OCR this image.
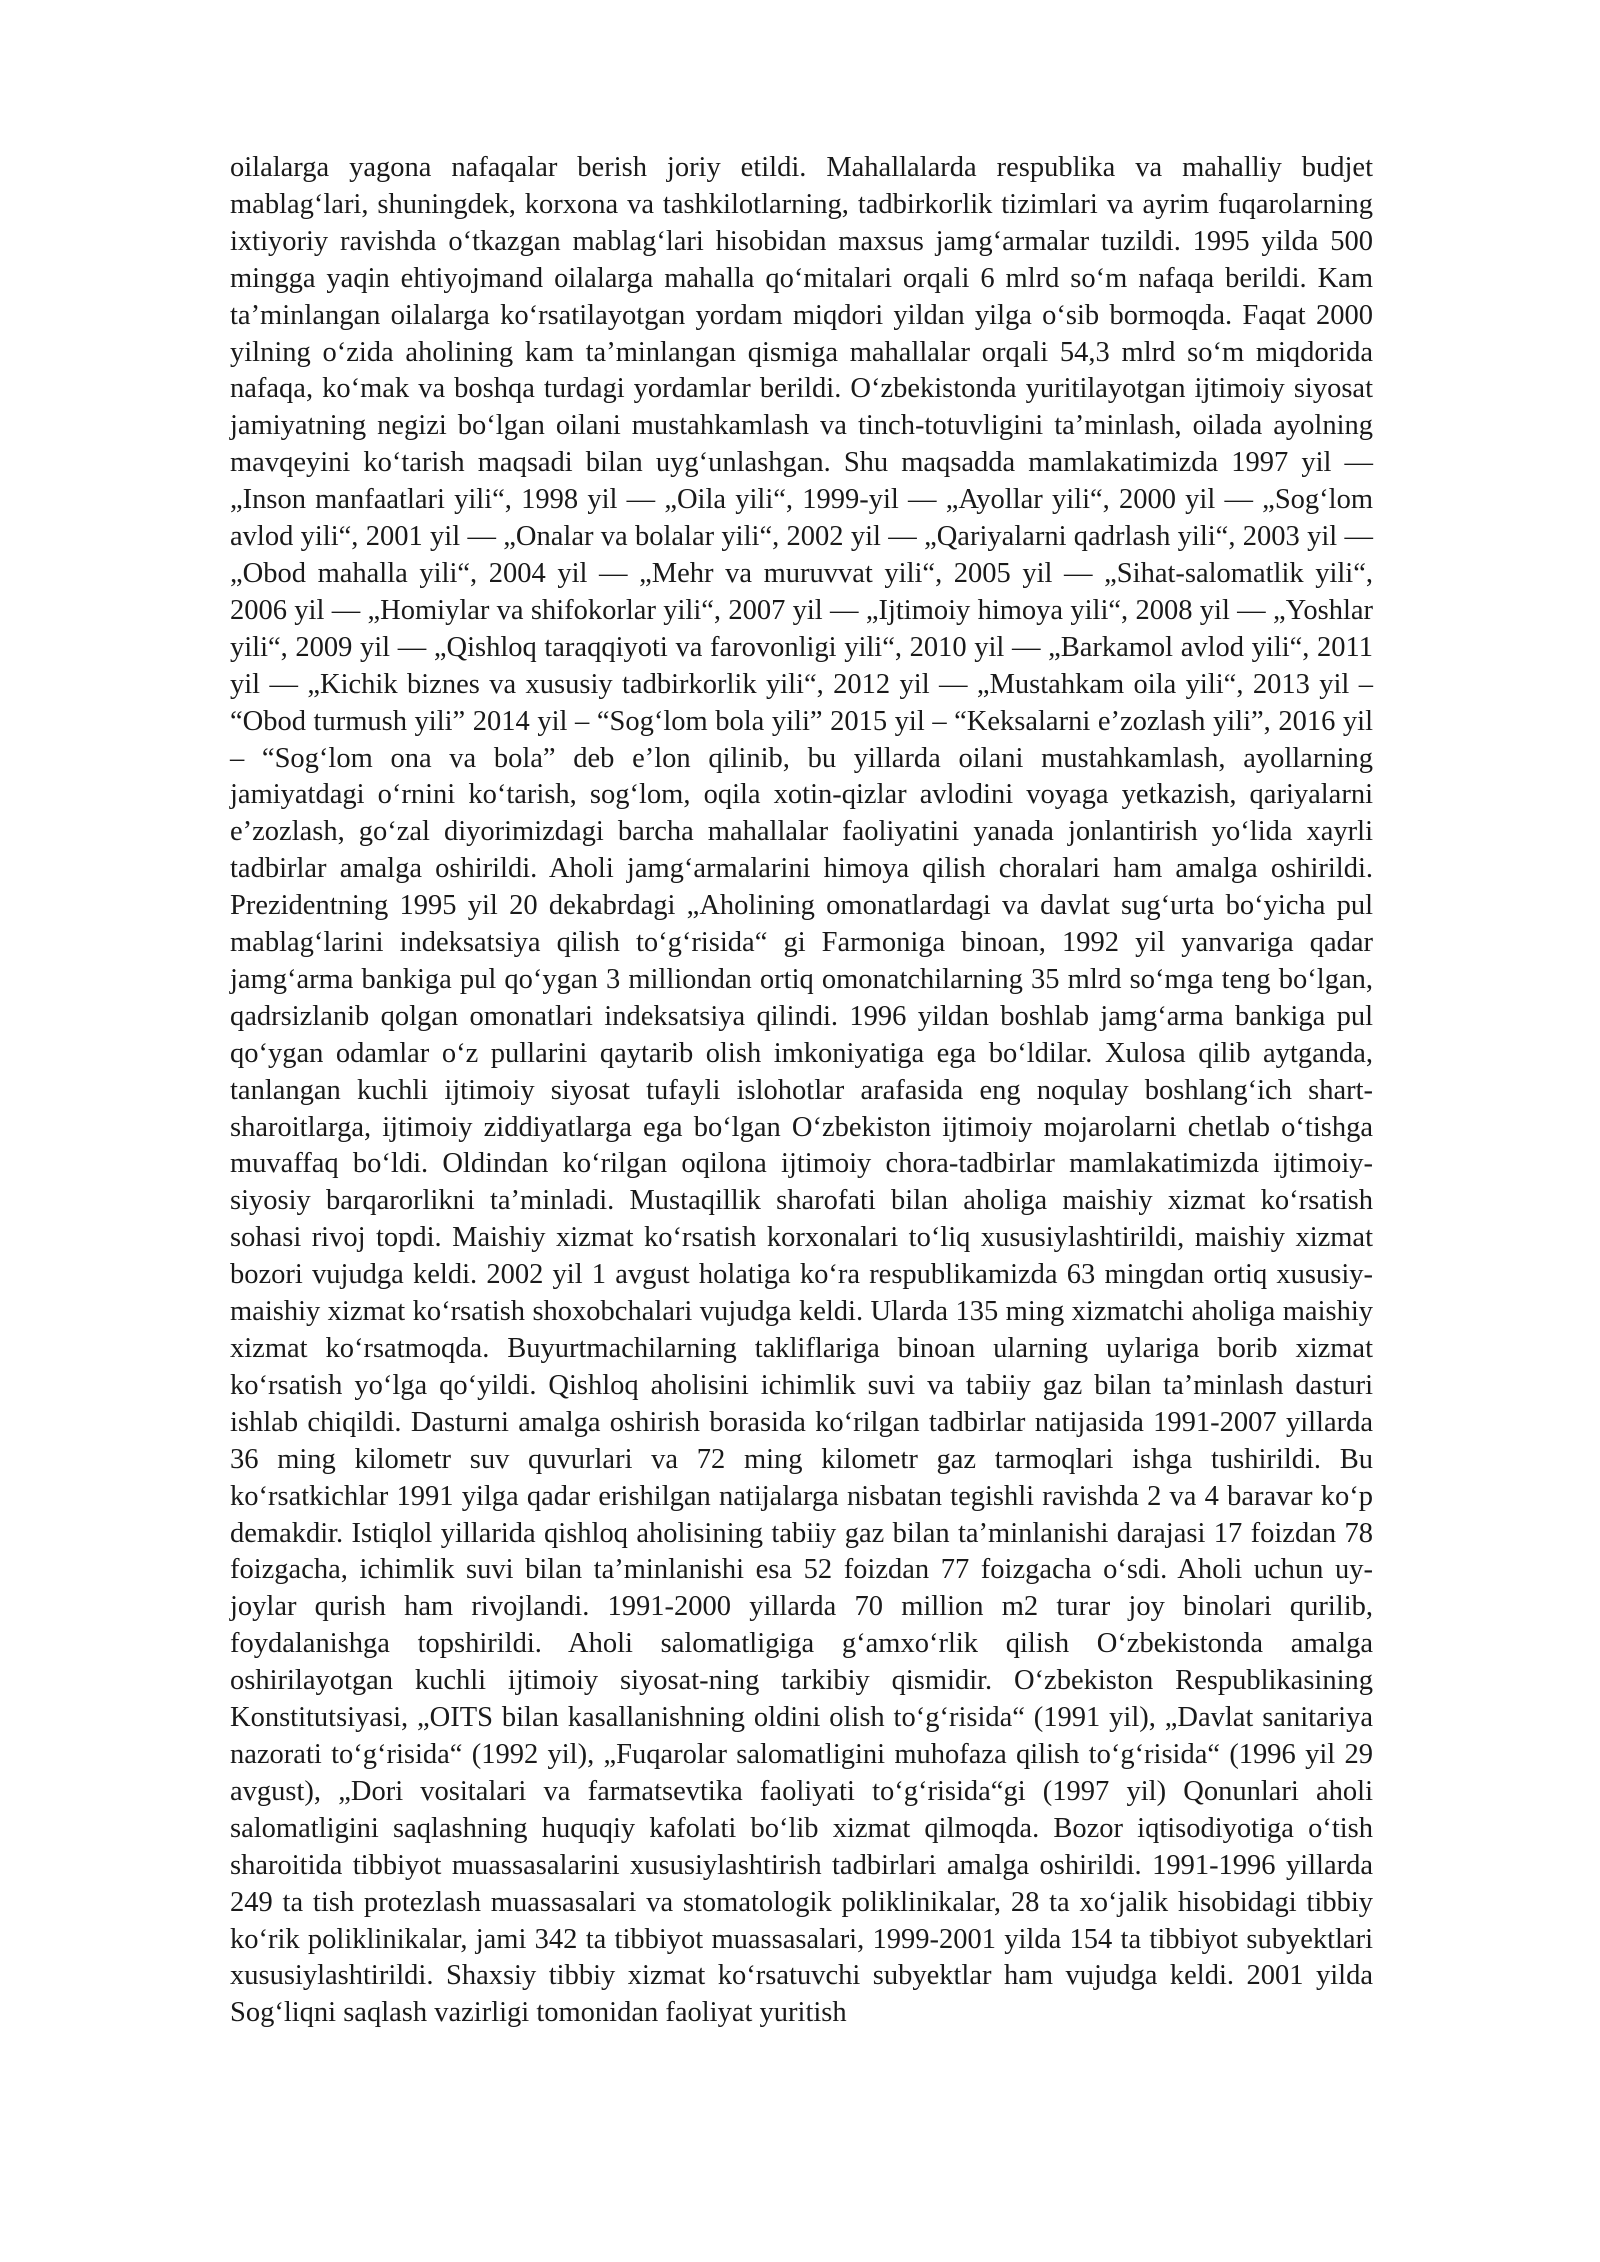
oilalarga yagona nafaqalar berish joriy etildi. Mahallalarda respublika va mahalliy budjet mablag‘lari, shuningdek, korxona va tashkilotlarning, tadbirkorlik tizimlari va ayrim fuqarolarning ixtiyoriy ravishda o‘tkazgan mablag‘lari hisobidan maxsus jamg‘armalar tuzildi. 1995 yilda 500 mingga yaqin ehtiyojmand oilalarga mahalla qo‘mitalari orqali 6 mlrd so‘m nafaqa berildi. Kam ta’minlangan oilalarga ko‘rsatilayotgan yordam miqdori yildan yilga o‘sib bormoqda. Faqat 2000 yilning o‘zida aholining kam ta’minlangan qismiga mahallalar orqali 54,3 mlrd so‘m miqdorida nafaqa, ko‘mak va boshqa turdagi yordamlar berildi. O‘zbekistonda yuritilayotgan ijtimoiy siyosat jamiyatning negizi bo‘lgan oilani mustahkamlash va tinch-totuvligini ta’minlash, oilada ayolning mavqeyini ko‘tarish maqsadi bilan uyg‘unlashgan. Shu maqsadda mamlakatimizda 1997 yil —„Inson manfaatlari yili“, 1998 yil — „Oila yili“, 1999-yil — „Ayollar yili“, 2000 yil — „Sog‘lom avlod yili“, 2001 yil — „Onalar va bolalar yili“, 2002 yil — „Qariyalarni qadrlash yili“, 2003 yil — „Obod mahalla yili“, 2004 yil — „Mehr va muruvvat yili“, 2005 yil — „Sihat-salomatlik yili“, 2006 yil — „Homiylar va shifokorlar yili“, 2007 yil — „Ijtimoiy himoya yili“, 2008 yil — „Yoshlar yili“, 2009 yil — „Qishloq taraqqiyoti va farovonligi yili“, 2010 yil — „Barkamol avlod yili“, 2011 yil — „Kichik biznes va xususiy tadbirkorlik yili“, 2012 yil — „Mustahkam oila yili“, 2013 yil – “Obod turmush yili” 2014 yil – “Sog‘lom bola yili” 2015 yil – “Keksalarni e’zozlash yili”, 2016 yil – “Sog‘lom ona va bola” deb e’lon qilinib, bu yillarda oilani mustahkamlash, ayollarning jamiyatdagi o‘rnini ko‘tarish, sog‘lom, oqila xotin-qizlar avlodini voyaga yetkazish, qariyalarni e’zozlash, go‘zal diyorimizdagi barcha mahallalar faoliyatini yanada jonlantirish yo‘lida xayrli tadbirlar amalga oshirildi. Aholi jamg‘armalarini himoya qilish choralari ham amalga oshirildi. Prezidentning 1995 yil 20 dekabrdagi „Aholining omonatlardagi va davlat sug‘urta bo‘yicha pul mablag‘larini indeksatsiya qilish to‘g‘risida“ gi Farmoniga binoan, 1992 yil yanvariga qadar jamg‘arma bankiga pul qo‘ygan 3 milliondan ortiq omonatchilarning 35 mlrd so‘mga teng bo‘lgan, qadrsizlanib qolgan omonatlari indeksatsiya qilindi. 1996 yildan boshlab jamg‘arma bankiga pul qo‘ygan odamlar o‘z pullarini qaytarib olish imkoniyatiga ega bo‘ldilar. Xulosa qilib aytganda, tanlangan kuchli ijtimoiy siyosat tufayli islohotlar arafasida eng noqulay boshlang‘ich shart-sharoitlarga, ijtimoiy ziddiyatlarga ega bo‘lgan O‘zbekiston ijtimoiy mojarolarni chetlab o‘tishga muvaffaq bo‘ldi. Oldindan ko‘rilgan oqilona ijtimoiy chora-tadbirlar mamlakatimizda ijtimoiy-siyosiy barqarorlikni ta’minladi. Mustaqillik sharofati bilan aholiga maishiy xizmat ko‘rsatish sohasi rivoj topdi. Maishiy xizmat ko‘rsatish korxonalari to‘liq xususiylashtirildi, maishiy xizmat bozori vujudga keldi. 2002 yil 1 avgust holatiga ko‘ra respublikamizda 63 mingdan ortiq xususiy-maishiy xizmat ko‘rsatish shoxobchalari vujudga keldi. Ularda 135 ming xizmatchi aholiga maishiy xizmat ko‘rsatmoqda. Buyurtmachilarning takliflariga binoan ularning uylariga borib xizmat ko‘rsatish yo‘lga qo‘yildi. Qishloq aholisini ichimlik suvi va tabiiy gaz bilan ta’minlash dasturi ishlab chiqildi. Dasturni amalga oshirish borasida ko‘rilgan tadbirlar natijasida 1991-2007 yillarda 36 ming kilometr suv quvurlari va 72 ming kilometr gaz tarmoqlari ishga tushirildi. Bu ko‘rsatkichlar 1991 yilga qadar erishilgan natijalarga nisbatan tegishli ravishda 2 va 4 baravar ko‘p demakdir. Istiqlol yillarida qishloq aholisining tabiiy gaz bilan ta’minlanishi darajasi 17 foizdan 78 foizgacha, ichimlik suvi bilan ta’minlanishi esa 52 foizdan 77 foizgacha o‘sdi. Aholi uchun uy-joylar qurish ham rivojlandi. 1991-2000 yillarda 70 million m2 turar joy binolari qurilib, foydalanishga topshirildi. Aholi salomatligiga g‘amxo‘rlik qilish O‘zbekistonda amalga oshirilayotgan kuchli ijtimoiy siyosat-ning tarkibiy qismidir. O‘zbekiston Respublikasining Konstitutsiyasi, „OITS bilan kasallanishning oldini olish to‘g‘risida“ (1991 yil), „Davlat sanitariya nazorati to‘g‘risida“ (1992 yil), „Fuqarolar salomatligini muhofaza qilish to‘g‘risida“ (1996 yil 29 avgust), „Dori vositalari va farmatsevtika faoliyati to‘g‘risida“gi (1997 yil) Qonunlari aholi salomatligini saqlashning huquqiy kafolati bo‘lib xizmat qilmoqda. Bozor iqtisodiyotiga o‘tish sharoitida tibbiyot muassasalarini xususiylashtirish tadbirlari amalga oshirildi. 1991-1996 yillarda 249 ta tish protezlash muassasalari va stomatologik poliklinikalar, 28 ta xo‘jalik hisobidagi tibbiy ko‘rik poliklinikalar, jami 342 ta tibbiyot muassasalari, 1999-2001 yilda 154 ta tibbiyot subyektlari xususiylashtirildi. Shaxsiy tibbiy xizmat ko‘rsatuvchi subyektlar ham vujudga keldi. 2001 yilda Sog‘liqni saqlash vazirligi tomonidan faoliyat yuritish
